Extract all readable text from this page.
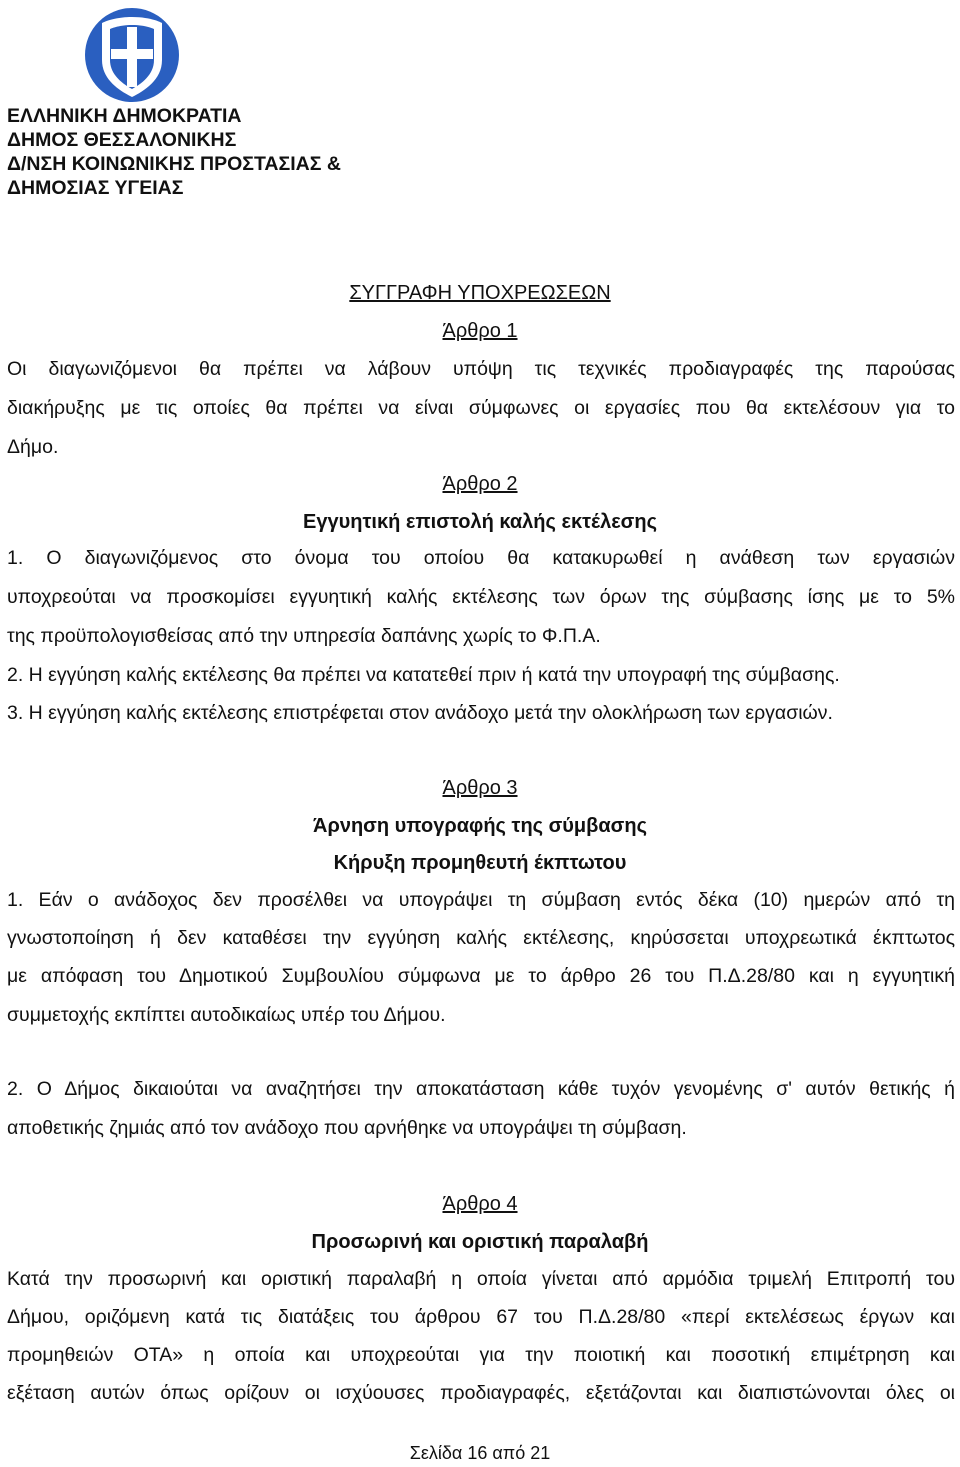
ΕΛΛΗΝΙΚΗ ΔΗΜΟΚΡΑΤΙΑ
ΔΗΜΟΣ ΘΕΣΣΑΛΟΝΙΚΗΣ
Δ/ΝΣΗ ΚΟΙΝΩΝΙΚΗΣ ΠΡΟΣΤΑΣΙΑΣ &
ΔΗΜΟΣΙΑΣ ΥΓΕΙΑΣ
ΣΥΓΓΡΑΦΗ ΥΠΟΧΡΕΩΣΕΩΝ
Άρθρο 1
Οι διαγωνιζόμενοι θα πρέπει να λάβουν υπόψη τις τεχνικές προδιαγραφές της παρούσας
διακήρυξης με τις οποίες θα πρέπει να είναι σύμφωνες οι εργασίες που θα εκτελέσουν για το
Δήμο.
Άρθρο 2
Εγγυητική επιστολή καλής εκτέλεσης
1. Ο διαγωνιζόμενος στο όνομα του οποίου θα κατακυρωθεί η ανάθεση των εργασιών
υποχρεούται να προσκομίσει εγγυητική καλής εκτέλεσης των όρων της σύμβασης ίσης με το 5%
της προϋπολογισθείσας από την υπηρεσία δαπάνης χωρίς το Φ.Π.Α.
2. Η εγγύηση καλής εκτέλεσης θα πρέπει να κατατεθεί πριν ή κατά την υπογραφή της σύμβασης.
3. Η εγγύηση καλής εκτέλεσης επιστρέφεται στον ανάδοχο μετά την ολοκλήρωση των εργασιών.
Άρθρο 3
Άρνηση υπογραφής της σύμβασης
Κήρυξη προμηθευτή έκπτωτου
1. Εάν ο ανάδοχος δεν προσέλθει να υπογράψει τη σύμβαση εντός δέκα (10) ημερών από τη
γνωστοποίηση ή δεν καταθέσει την εγγύηση καλής εκτέλεσης, κηρύσσεται υποχρεωτικά έκπτωτος
με απόφαση του Δημοτικού Συμβουλίου σύμφωνα με το άρθρο 26 του Π.Δ.28/80 και η εγγυητική
συμμετοχής εκπίπτει αυτοδικαίως υπέρ του Δήμου.
2. Ο Δήμος δικαιούται να αναζητήσει την αποκατάσταση κάθε τυχόν γενομένης σ' αυτόν θετικής ή
αποθετικής ζημιάς από τον ανάδοχο που αρνήθηκε να υπογράψει τη σύμβαση.
Άρθρο 4
Προσωρινή και οριστική παραλαβή
Κατά την προσωρινή και οριστική παραλαβή η οποία γίνεται από αρμόδια τριμελή Επιτροπή του
Δήμου, οριζόμενη κατά τις διατάξεις του άρθρου 67 του Π.Δ.28/80 «περί εκτελέσεως έργων και
προμηθειών ΟΤΑ» η οποία και υποχρεούται για την ποιοτική και ποσοτική επιμέτρηση και
εξέταση αυτών όπως ορίζουν οι ισχύουσες προδιαγραφές, εξετάζονται και διαπιστώνονται όλες οι
Σελίδα 16 από 21
